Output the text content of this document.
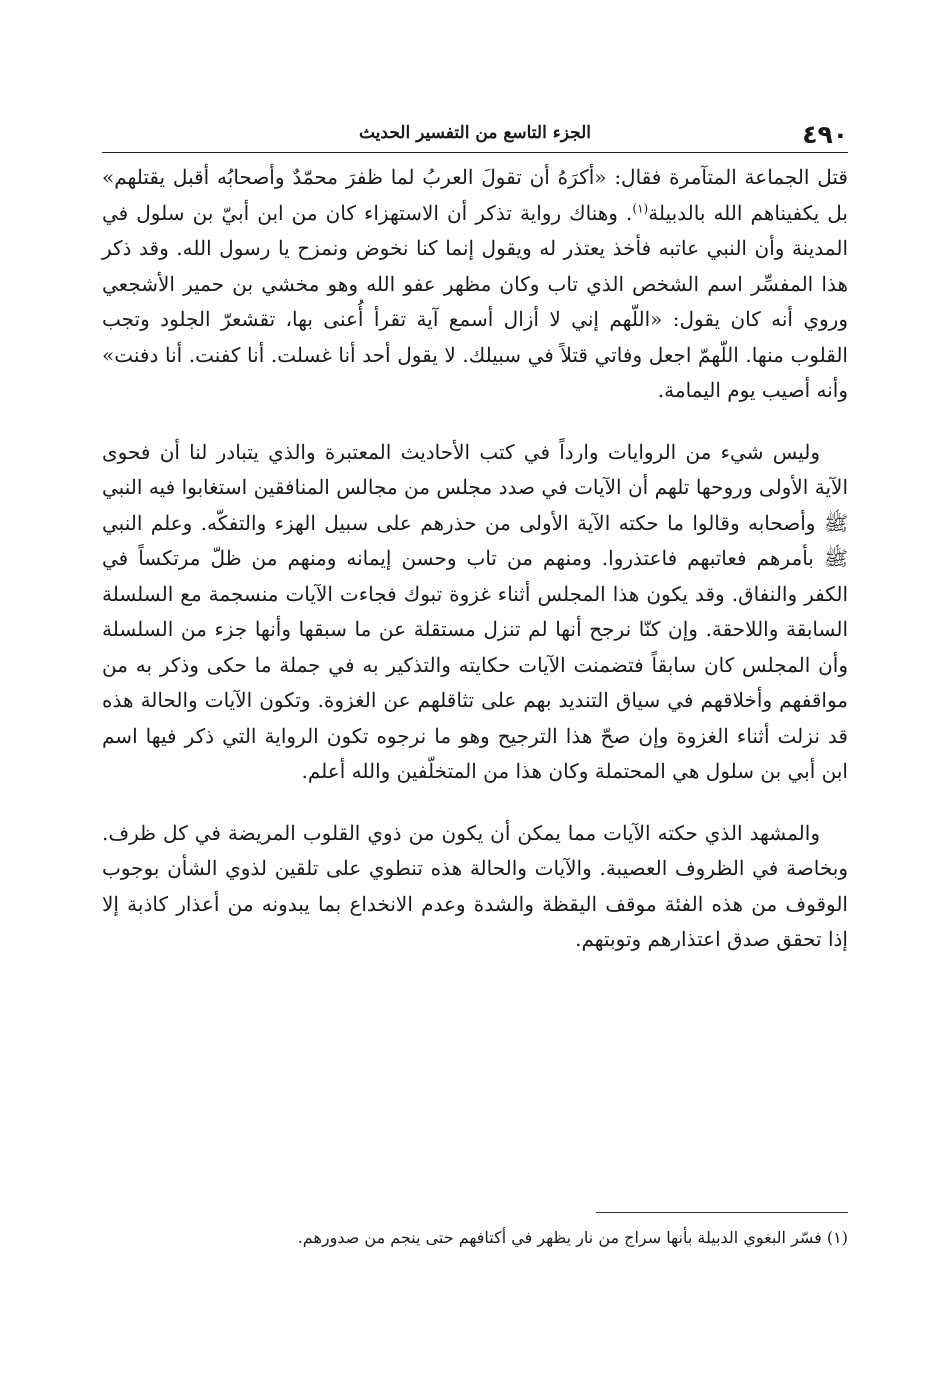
٤٩٠
الجزء التاسع من التفسير الحديث

قتل الجماعة المتآمرة فقال: «أكرَهُ أن تقولَ العربُ لما ظفرَ محمّدٌ وأصحابُه أقبل يقتلهم» بل يكفيناهم الله بالدبيلة$^{(١)}$. وهناك رواية تذكر أن الاستهزاء كان من ابن أبيّ بن سلول في المدينة وأن النبي عاتبه فأخذ يعتذر له ويقول إنما كنا نخوض ونمزح يا رسول الله. وقد ذكر هذا المفسِّر اسم الشخص الذي تاب وكان مظهر عفو الله وهو مخشي بن حمير الأشجعي وروي أنه كان يقول: «اللّهم إني لا أزال أسمع آية تقرأ أُعنى بها، تقشعرّ الجلود وتجب القلوب منها. اللّهمّ اجعل وفاتي قتلاً في سبيلك. لا يقول أحد أنا غسلت. أنا كفنت. أنا دفنت» وأنه أصيب يوم اليمامة.

وليس شيء من الروايات وارداً في كتب الأحاديث المعتبرة والذي يتبادر لنا أن فحوى الآية الأولى وروحها تلهم أن الآيات في صدد مجلس من مجالس المنافقين استغابوا فيه النبي ﷺ وأصحابه وقالوا ما حكته الآية الأولى من حذرهم على سبيل الهزء والتفكّه. وعلم النبي ﷺ بأمرهم فعاتبهم فاعتذروا. ومنهم من تاب وحسن إيمانه ومنهم من ظلّ مرتكساً في الكفر والنفاق. وقد يكون هذا المجلس أثناء غزوة تبوك فجاءت الآيات منسجمة مع السلسلة السابقة واللاحقة. وإن كنّا نرجح أنها لم تنزل مستقلة عن ما سبقها وأنها جزء من السلسلة وأن المجلس كان سابقاً فتضمنت الآيات حكايته والتذكير به في جملة ما حكى وذكر به من مواقفهم وأخلاقهم في سياق التنديد بهم على تثاقلهم عن الغزوة. وتكون الآيات والحالة هذه قد نزلت أثناء الغزوة وإن صحّ هذا الترجيح وهو ما نرجوه تكون الرواية التي ذكر فيها اسم ابن أبي بن سلول هي المحتملة وكان هذا من المتخلّفين والله أعلم.

والمشهد الذي حكته الآيات مما يمكن أن يكون من ذوي القلوب المريضة في كل ظرف. وبخاصة في الظروف العصيبة. والآيات والحالة هذه تنطوي على تلقين لذوي الشأن بوجوب الوقوف من هذه الفئة موقف اليقظة والشدة وعدم الانخداع بما يبدونه من أعذار كاذبة إلا إذا تحقق صدق اعتذارهم وتوبتهم.

(١) فسّر البغوي الدبيلة بأنها سراج من نار يظهر في أكتافهم حتى ينجم من صدورهم.
